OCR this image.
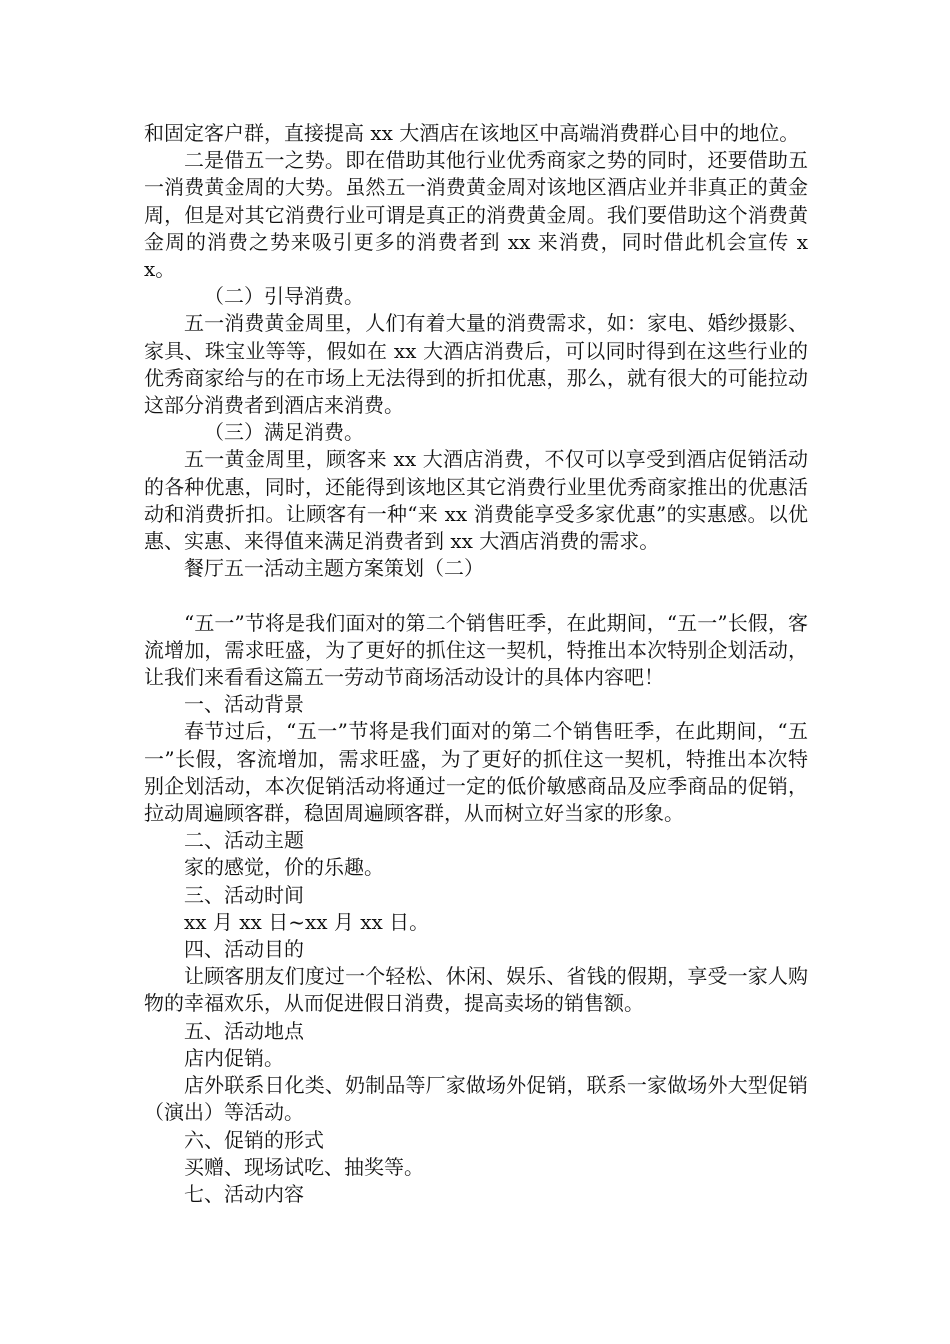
和固定客户群，直接提高 xx 大酒店在该地区中高端消费群心目中的地位。

二是借五一之势。即在借助其他行业优秀商家之势的同时，还要借助五一消费黄金周的大势。虽然五一消费黄金周对该地区酒店业并非真正的黄金周，但是对其它消费行业可谓是真正的消费黄金周。我们要借助这个消费黄金周的消费之势来吸引更多的消费者到 xx 来消费，同时借此机会宣传 xx。

（二）引导消费。

五一消费黄金周里，人们有着大量的消费需求，如：家电、婚纱摄影、家具、珠宝业等等，假如在 xx 大酒店消费后，可以同时得到在这些行业的优秀商家给与的在市场上无法得到的折扣优惠，那么，就有很大的可能拉动这部分消费者到酒店来消费。

（三）满足消费。

五一黄金周里，顾客来 xx 大酒店消费，不仅可以享受到酒店促销活动的各种优惠，同时，还能得到该地区其它消费行业里优秀商家推出的优惠活动和消费折扣。让顾客有一种“来 xx 消费能享受多家优惠”的实惠感。以优惠、实惠、来得值来满足消费者到 xx 大酒店消费的需求。

餐厅五一活动主题方案策划（二）

“五一”节将是我们面对的第二个销售旺季，在此期间，“五一”长假，客流增加，需求旺盛，为了更好的抓住这一契机，特推出本次特别企划活动，让我们来看看这篇五一劳动节商场活动设计的具体内容吧！

一、活动背景

春节过后，“五一”节将是我们面对的第二个销售旺季，在此期间，“五一”长假，客流增加，需求旺盛，为了更好的抓住这一契机，特推出本次特别企划活动，本次促销活动将通过一定的低价敏感商品及应季商品的促销，拉动周遍顾客群，稳固周遍顾客群，从而树立好当家的形象。

二、活动主题

家的感觉，价的乐趣。

三、活动时间

xx 月 xx 日~xx 月 xx 日。

四、活动目的

让顾客朋友们度过一个轻松、休闲、娱乐、省钱的假期，享受一家人购物的幸福欢乐，从而促进假日消费，提高卖场的销售额。

五、活动地点

店内促销。

店外联系日化类、奶制品等厂家做场外促销，联系一家做场外大型促销（演出）等活动。

六、促销的形式

买赠、现场试吃、抽奖等。

七、活动内容
